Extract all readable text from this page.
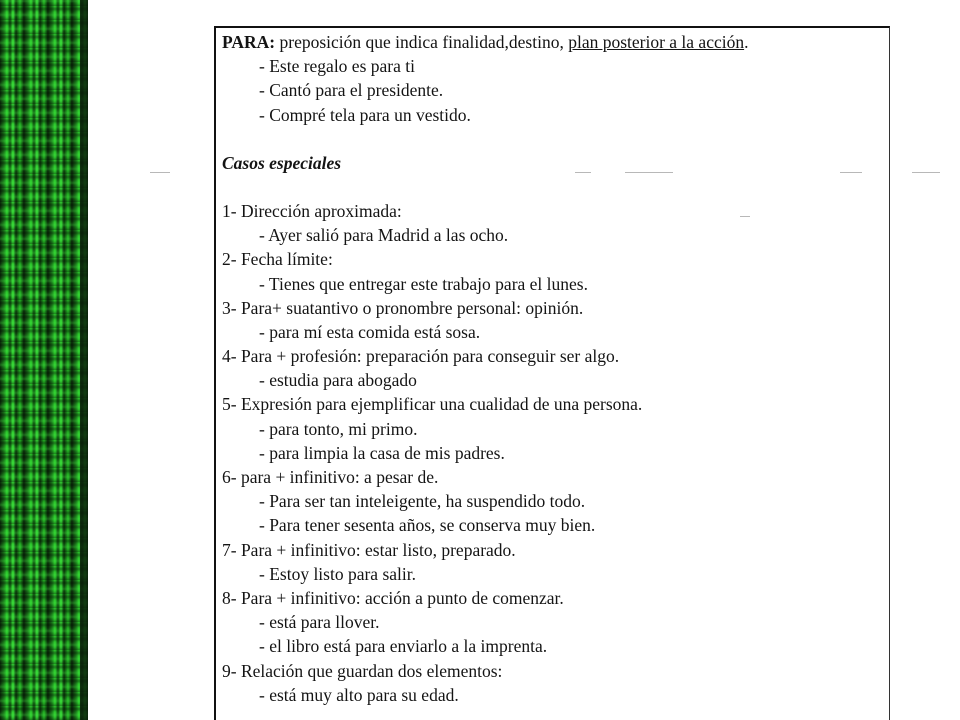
PARA: preposición que indica finalidad,destino, plan posterior a la acción.
- Este regalo es para ti
- Cantó para el presidente.
- Compré tela para un vestido.
Casos especiales
1- Dirección aproximada:
- Ayer salió para Madrid a las ocho.
2- Fecha límite:
- Tienes que entregar este trabajo para el lunes.
3- Para+ suatantivo o pronombre personal: opinión.
- para mí esta comida está sosa.
4- Para + profesión: preparación para conseguir ser algo.
- estudia para abogado
5- Expresión para ejemplificar una cualidad de una persona.
- para tonto, mi primo.
- para limpia la casa de mis padres.
6- para + infinitivo: a pesar de.
- Para ser tan inteleigente, ha suspendido todo.
- Para tener sesenta años, se conserva muy bien.
7- Para + infinitivo: estar listo, preparado.
- Estoy listo para salir.
8- Para + infinitivo: acción a punto de comenzar.
- está para llover.
- el libro está para enviarlo a la imprenta.
9- Relación que guardan dos elementos:
- está muy alto para su edad.
